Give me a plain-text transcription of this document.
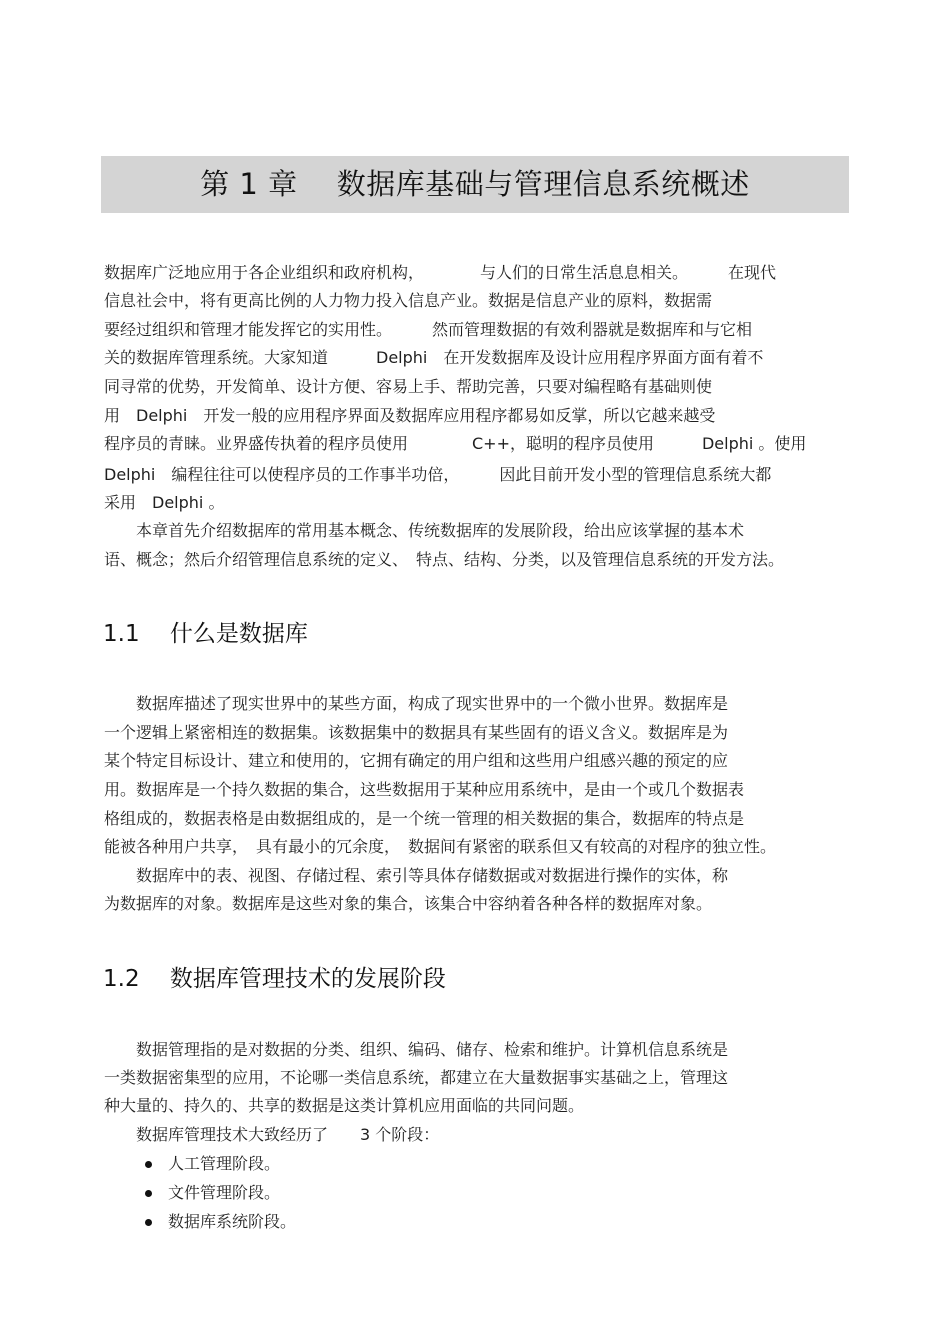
第 1 章　 数据库基础与管理信息系统概述
数据库广泛地应用于各企业组织和政府机构，　　　　与人们的日常生活息息相关。　　　在现代
信息社会中，将有更高比例的人力物力投入信息产业。数据是信息产业的原料，数据需
要经过组织和管理才能发挥它的实用性。　　　然而管理数据的有效利器就是数据库和与它相
关的数据库管理系统。大家知道　　　Delphi　在开发数据库及设计应用程序界面方面有着不
同寻常的优势，开发简单、设计方便、容易上手、帮助完善，只要对编程略有基础则使
用　Delphi　开发一般的应用程序界面及数据库应用程序都易如反掌，所以它越来越受
程序员的青睐。业界盛传执着的程序员使用　　　　C++，聪明的程序员使用　　　Delphi 。使用
Delphi　编程往往可以使程序员的工作事半功倍，　　　因此目前开发小型的管理信息系统大都
采用　Delphi 。
　　本章首先介绍数据库的常用基本概念、传统数据库的发展阶段，给出应该掌握的基本术
语、概念；然后介绍管理信息系统的定义、　特点、结构、分类，以及管理信息系统的开发方法。
1.1　 什么是数据库
　　数据库描述了现实世界中的某些方面，构成了现实世界中的一个微小世界。数据库是
一个逻辑上紧密相连的数据集。该数据集中的数据具有某些固有的语义含义。数据库是为
某个特定目标设计、建立和使用的，它拥有确定的用户组和这些用户组感兴趣的预定的应
用。数据库是一个持久数据的集合，这些数据用于某种应用系统中，是由一个或几个数据表
格组成的，数据表格是由数据组成的，是一个统一管理的相关数据的集合，数据库的特点是
能被各种用户共享，　具有最小的冗余度，　数据间有紧密的联系但又有较高的对程序的独立性。
　　数据库中的表、视图、存储过程、索引等具体存储数据或对数据进行操作的实体，称
为数据库的对象。数据库是这些对象的集合，该集合中容纳着各种各样的数据库对象。
1.2　 数据库管理技术的发展阶段
　　数据管理指的是对数据的分类、组织、编码、储存、检索和维护。计算机信息系统是
一类数据密集型的应用，不论哪一类信息系统，都建立在大量数据事实基础之上，管理这
种大量的、持久的、共享的数据是这类计算机应用面临的共同问题。
　　数据库管理技术大致经历了　　3 个阶段：
人工管理阶段。
文件管理阶段。
数据库系统阶段。
